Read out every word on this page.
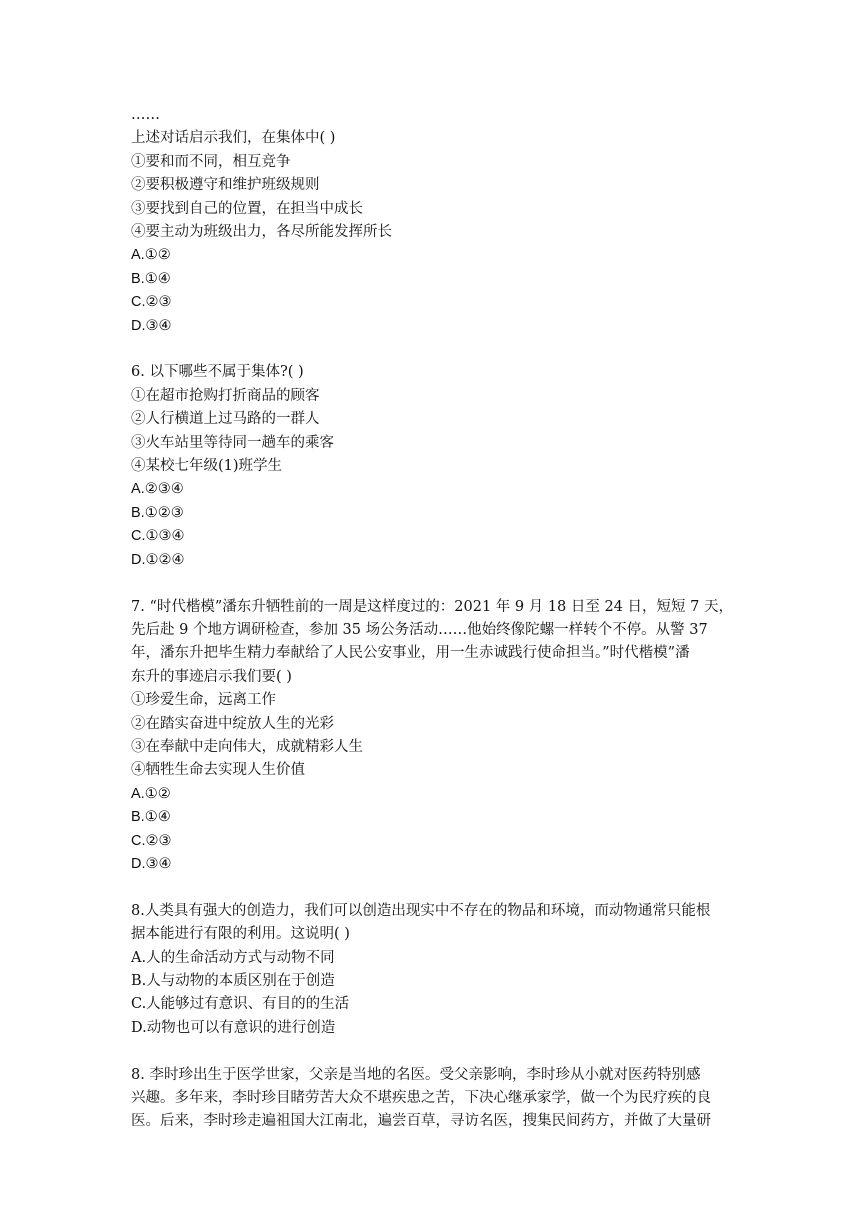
……
上述对话启示我们，在集体中( )
①要和而不同，相互竞争
②要积极遵守和维护班级规则
③要找到自己的位置，在担当中成长
④要主动为班级出力，各尽所能发挥所长
A.①②
B.①④
C.②③
D.③④
6. 以下哪些不属于集体?( )
①在超市抢购打折商品的顾客
②人行横道上过马路的一群人
③火车站里等待同一趟车的乘客
④某校七年级(1)班学生
A.②③④
B.①②③
C.①③④
D.①②④
7. “时代楷模”潘东升牺牲前的一周是这样度过的：2021 年 9 月 18 日至 24 日，短短 7 天，
先后赴 9 个地方调研检查，参加 35 场公务活动……他始终像陀螺一样转个不停。从警 37
年，潘东升把毕生精力奉献给了人民公安事业，用一生赤诚践行使命担当。”时代楷模”潘
东升的事迹启示我们要( )
①珍爱生命，远离工作
②在踏实奋进中绽放人生的光彩
③在奉献中走向伟大，成就精彩人生
④牺牲生命去实现人生价值
A.①②
B.①④
C.②③
D.③④
8.人类具有强大的创造力，我们可以创造出现实中不存在的物品和环境，而动物通常只能根
据本能进行有限的利用。这说明( )
A.人的生命活动方式与动物不同
B.人与动物的本质区别在于创造
C.人能够过有意识、有目的的生活
D.动物也可以有意识的进行创造
8. 李时珍出生于医学世家，父亲是当地的名医。受父亲影响，李时珍从小就对医药特别感
兴趣。多年来，李时珍目睹劳苦大众不堪疾患之苦，下决心继承家学，做一个为民疗疾的良
医。后来，李时珍走遍祖国大江南北，遍尝百草，寻访名医，搜集民间药方，并做了大量研
